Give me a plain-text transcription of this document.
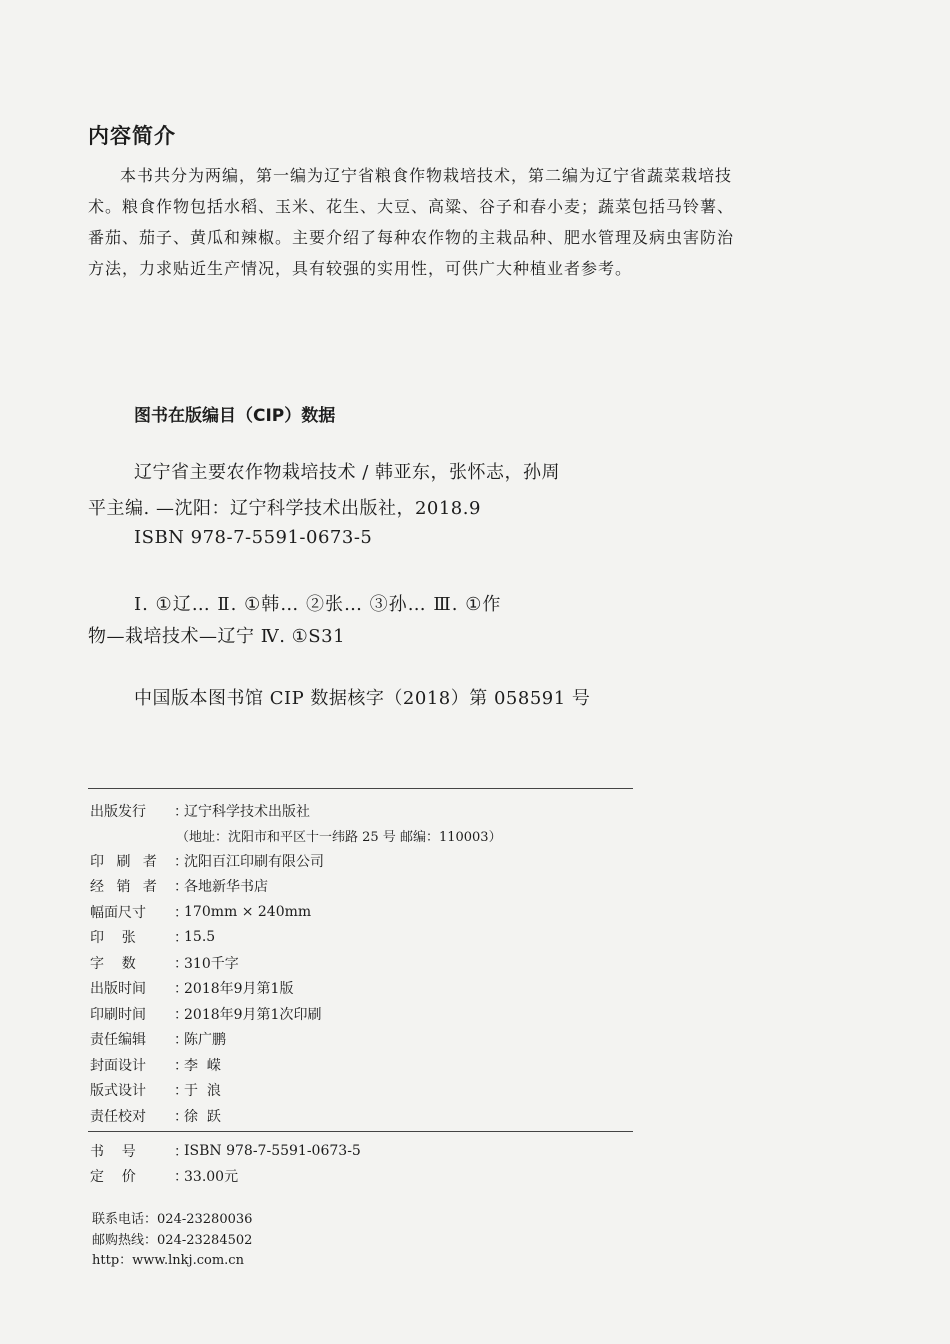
内容简介

本书共分为两编，第一编为辽宁省粮食作物栽培技术，第二编为辽宁省蔬菜栽培技术。粮食作物包括水稻、玉米、花生、大豆、高粱、谷子和春小麦；蔬菜包括马铃薯、番茄、茄子、黄瓜和辣椒。主要介绍了每种农作物的主栽品种、肥水管理及病虫害防治方法，力求贴近生产情况，具有较强的实用性，可供广大种植业者参考。

图书在版编目（CIP）数据
辽宁省主要农作物栽培技术 / 韩亚东，张怀志，孙周
平主编. —沈阳：辽宁科学技术出版社，2018.9
ISBN 978-7-5591-0673-5
Ⅰ. ①辽… Ⅱ. ①韩… ②张… ③孙… Ⅲ. ①作
物—栽培技术—辽宁 Ⅳ. ①S31
中国版本图书馆 CIP 数据核字（2018）第 058591 号
出版发行	：
辽宁科学技术出版社
（地址：沈阳市和平区十一纬路 25 号 邮编：110003）
印 刷 者 ：
沈阳百江印刷有限公司
经 销 者 ：
各地新华书店
幅面尺寸	：
170mm × 240mm
印    张	：
15.5
字    数	：
310千字
出版时间	：
2018年9月第1版
印刷时间	：
2018年9月第1次印刷
责任编辑	：
陈广鹏
封面设计	：
李  嵘
版式设计	：
于  浪
责任校对	：
徐  跃
书    号	：
ISBN 978-7-5591-0673-5
定    价	：
33.00元
联系电话：024-23280036
邮购热线：024-23284502
http：www.lnkj.com.cn
